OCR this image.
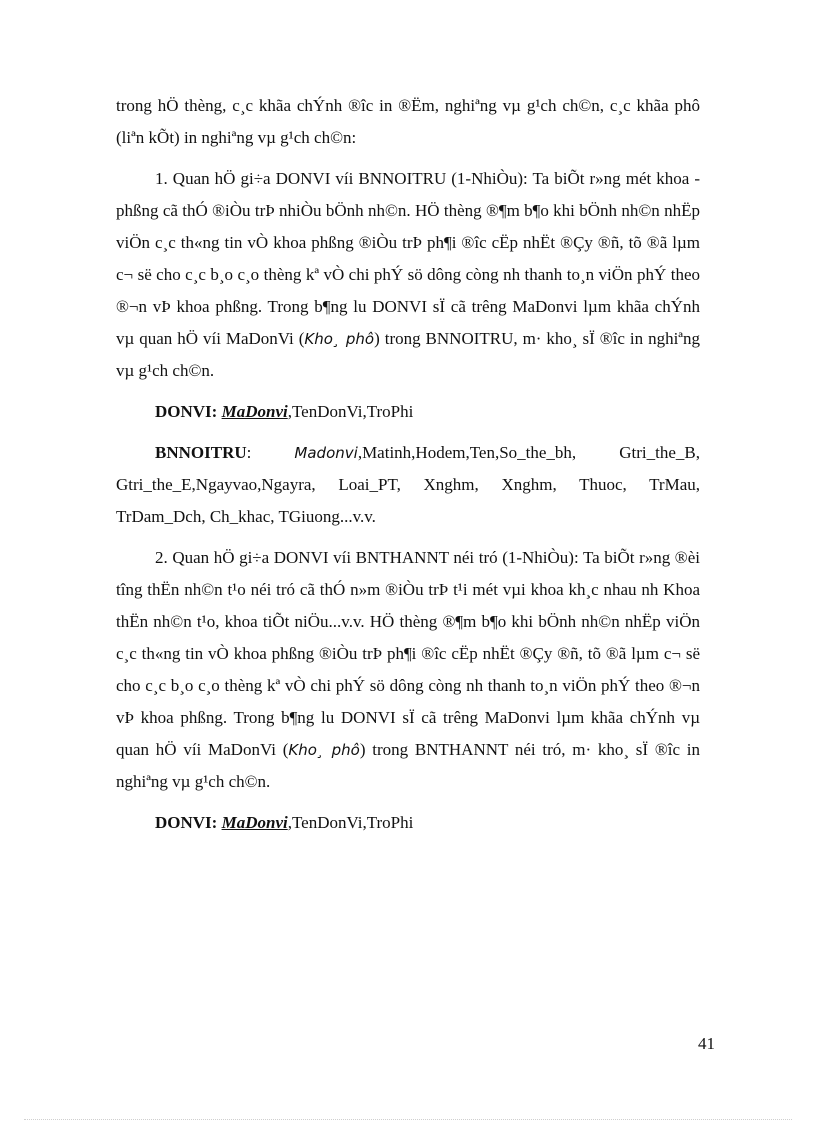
trong hÖ thèng, c¸c khãa chÝnh ®îc in ®Ëm, nghiªng vµ g¹ch ch©n, c¸c khãa phô (liªn kÕt) in nghiªng vµ g¹ch ch©n:

1. Quan hÖ gi÷a DONVI víi BNNOITRU (1-NhiÒu): Ta biÕt r»ng mét khoa - phßng cã thÓ ®iÒu trÞ nhiÒu bÖnh nh©n. HÖ thèng ®¶m b¶o khi bÖnh nh©n nhËp viÖn c¸c th«ng tin vÒ khoa phßng ®iÒu trÞ ph¶i ®îc cËp nhËt ®Çy ®ñ, tõ ®ã lµm c¬ së cho c¸c b¸o c¸o thèng kª vÒ chi phÝ sö dông còng nh thanh to¸n viÖn phÝ theo ®¬n vÞ khoa phßng. Trong b¶ng lu DONVI sÏ cã trêng MaDonvi lµm khãa chÝnh vµ quan hÖ víi MaDonVi (Kho¸ phô) trong BNNOITRU, m· kho¸ sÏ ®îc in nghiªng vµ g¹ch ch©n.

DONVI: MaDonvi,TenDonVi,TroPhi

BNNOITRU: Madonvi,Matinh,Hodem,Ten,So_the_bh, Gtri_the_B, Gtri_the_E,Ngayvao,Ngayra, Loai_PT, Xnghm, Xnghm, Thuoc, TrMau, TrDam_Dch, Ch_khac, TGiuong...v.v.

2. Quan hÖ gi÷a DONVI víi BNTHANNT néi tró (1-NhiÒu): Ta biÕt r»ng ®èi tîng thËn nh©n t¹o néi tró cã thÓ n»m ®iÒu trÞ t¹i mét vµi khoa kh¸c nhau nh Khoa thËn nh©n t¹o, khoa tiÕt niÖu...v.v. HÖ thèng ®¶m b¶o khi bÖnh nh©n nhËp viÖn c¸c th«ng tin vÒ khoa phßng ®iÒu trÞ ph¶i ®îc cËp nhËt ®Çy ®ñ, tõ ®ã lµm c¬ së cho c¸c b¸o c¸o thèng kª vÒ chi phÝ sö dông còng nh thanh to¸n viÖn phÝ theo ®¬n vÞ khoa phßng. Trong b¶ng lu DONVI sÏ cã trêng MaDonvi lµm khãa chÝnh vµ quan hÖ víi MaDonVi (Kho¸ phô) trong BNTHANNT néi tró, m· kho¸ sÏ ®îc in nghiªng vµ g¹ch ch©n.

DONVI: MaDonvi,TenDonVi,TroPhi

41
